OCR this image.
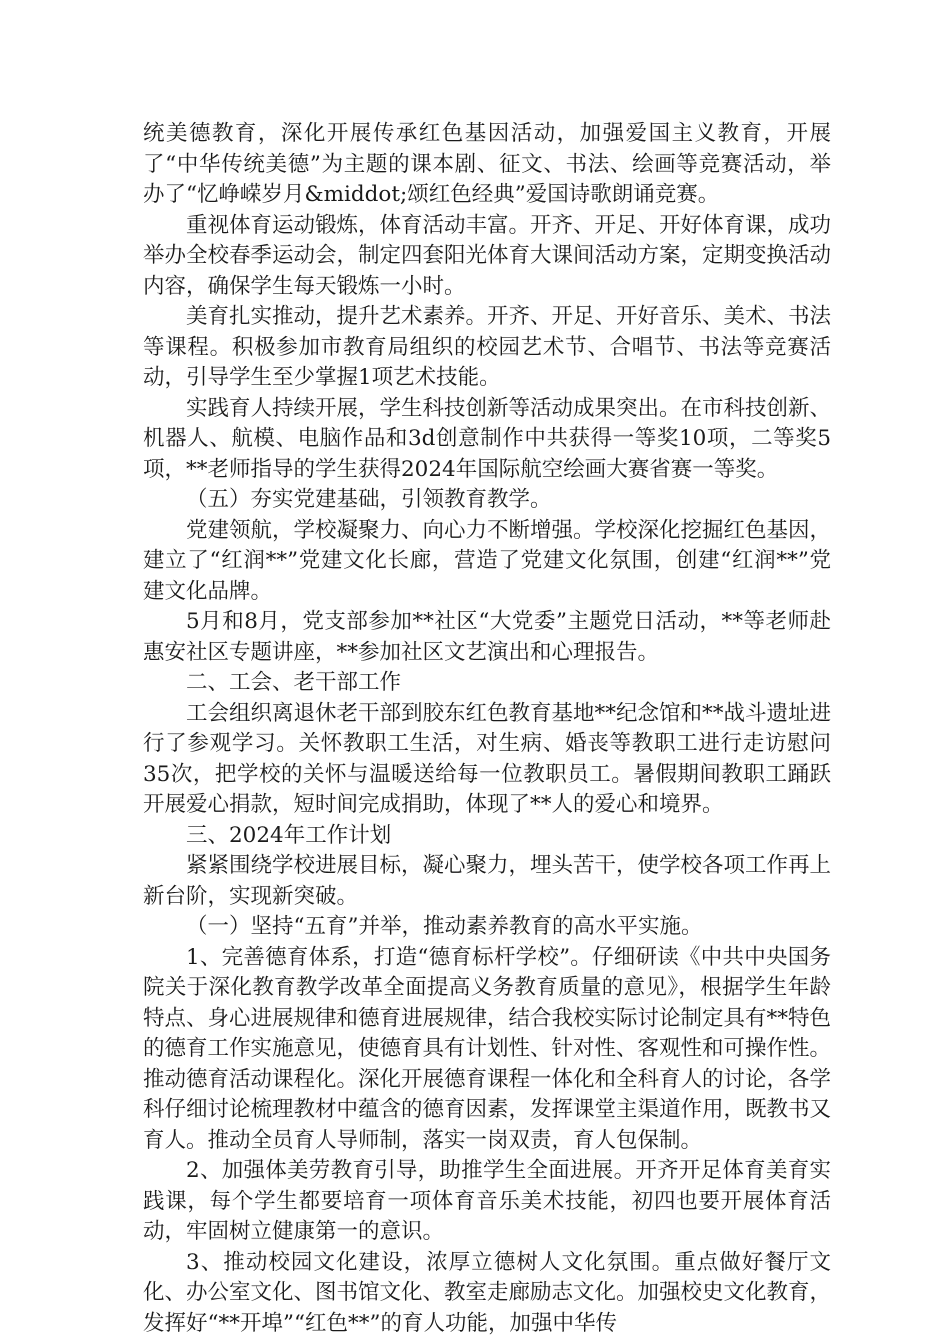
统美德教育，深化开展传承红色基因活动，加强爱国主义教育，开展了“中华传统美德”为主题的课本剧、征文、书法、绘画等竞赛活动，举办了“忆峥嵘岁月&middot;颂红色经典”爱国诗歌朗诵竞赛。

重视体育运动锻炼，体育活动丰富。开齐、开足、开好体育课，成功举办全校春季运动会，制定四套阳光体育大课间活动方案，定期变换活动内容，确保学生每天锻炼一小时。

美育扎实推动，提升艺术素养。开齐、开足、开好音乐、美术、书法等课程。积极参加市教育局组织的校园艺术节、合唱节、书法等竞赛活动，引导学生至少掌握1项艺术技能。

实践育人持续开展，学生科技创新等活动成果突出。在市科技创新、机器人、航模、电脑作品和3d创意制作中共获得一等奖10项，二等奖5项，**老师指导的学生获得2024年国际航空绘画大赛省赛一等奖。

（五）夯实党建基础，引领教育教学。

党建领航，学校凝聚力、向心力不断增强。学校深化挖掘红色基因，建立了“红润**”党建文化长廊，营造了党建文化氛围，创建“红润**”党建文化品牌。

5月和8月，党支部参加**社区“大党委”主题党日活动，**等老师赴惠安社区专题讲座，**参加社区文艺演出和心理报告。

二、工会、老干部工作

工会组织离退休老干部到胶东红色教育基地**纪念馆和**战斗遗址进行了参观学习。关怀教职工生活，对生病、婚丧等教职工进行走访慰问35次，把学校的关怀与温暖送给每一位教职员工。暑假期间教职工踊跃开展爱心捐款，短时间完成捐助，体现了**人的爱心和境界。

三、2024年工作计划

紧紧围绕学校进展目标，凝心聚力，埋头苦干，使学校各项工作再上新台阶，实现新突破。

（一）坚持“五育”并举，推动素养教育的高水平实施。

1、完善德育体系，打造“德育标杆学校”。仔细研读《中共中央国务院关于深化教育教学改革全面提高义务教育质量的意见》，根据学生年龄特点、身心进展规律和德育进展规律，结合我校实际讨论制定具有**特色的德育工作实施意见，使德育具有计划性、针对性、客观性和可操作性。推动德育活动课程化。深化开展德育课程一体化和全科育人的讨论，各学科仔细讨论梳理教材中蕴含的德育因素，发挥课堂主渠道作用，既教书又育人。推动全员育人导师制，落实一岗双责，育人包保制。

2、加强体美劳教育引导，助推学生全面进展。开齐开足体育美育实践课，每个学生都要培育一项体育音乐美术技能，初四也要开展体育活动，牢固树立健康第一的意识。

3、推动校园文化建设，浓厚立德树人文化氛围。重点做好餐厅文化、办公室文化、图书馆文化、教室走廊励志文化。加强校史文化教育，发挥好“**开埠”“红色**”的育人功能，加强中华传
